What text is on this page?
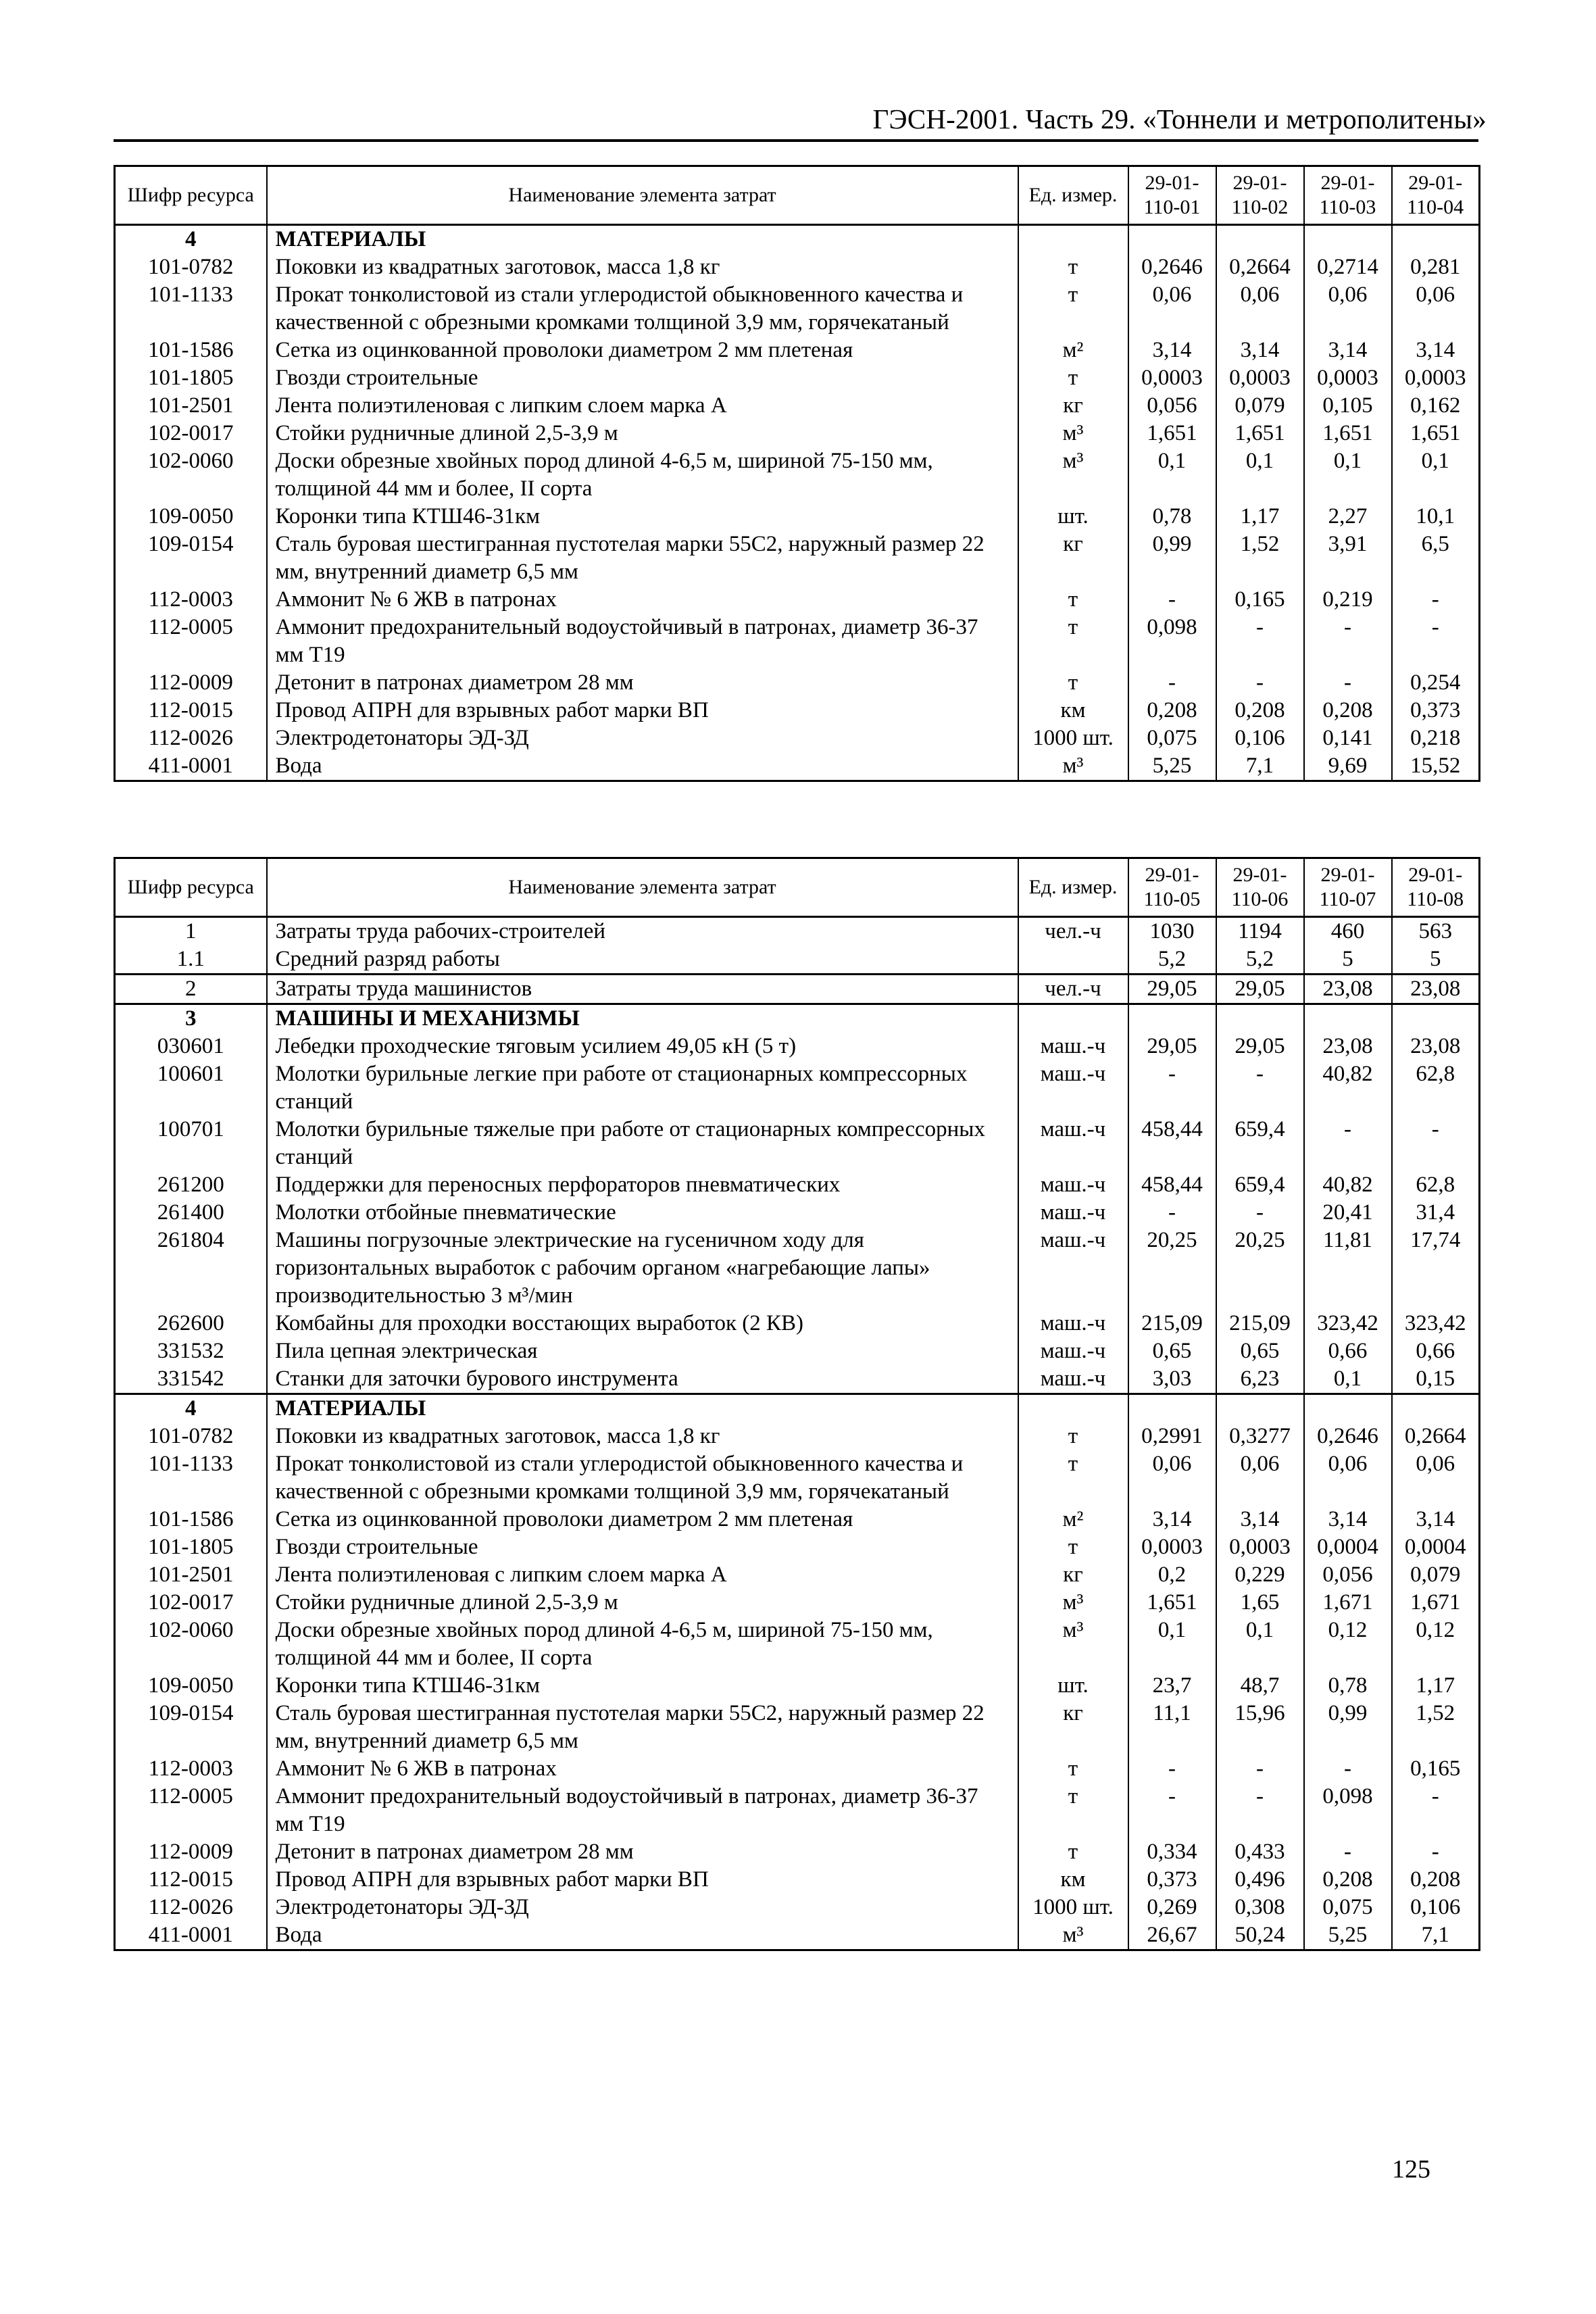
ГЭСН-2001. Часть 29. «Тоннели и метрополитены»
Шифр ресурса	Наименование элемента затрат	Ед. измер.	29-01-110-01	29-01-110-02	29-01-110-03	29-01-110-04
4	МАТЕРИАЛЫ					
101-0782	Поковки из квадратных заготовок, масса 1,8 кг	т	0,2646	0,2664	0,2714	0,281
101-1133	Прокат тонколистовой из стали углеродистой обыкновенного качества и качественной с обрезными кромками толщиной 3,9 мм, горячекатаный	т	0,06	0,06	0,06	0,06
101-1586	Сетка из оцинкованной проволоки диаметром 2 мм плетеная	м²	3,14	3,14	3,14	3,14
101-1805	Гвозди строительные	т	0,0003	0,0003	0,0003	0,0003
101-2501	Лента полиэтиленовая с липким слоем марка А	кг	0,056	0,079	0,105	0,162
102-0017	Стойки рудничные длиной 2,5-3,9 м	м³	1,651	1,651	1,651	1,651
102-0060	Доски обрезные хвойных пород длиной 4-6,5 м, шириной 75-150 мм, толщиной 44 мм и более, II сорта	м³	0,1	0,1	0,1	0,1
109-0050	Коронки типа КТШ46-31км	шт.	0,78	1,17	2,27	10,1
109-0154	Сталь буровая шестигранная пустотелая марки 55С2, наружный размер 22 мм, внутренний диаметр 6,5 мм	кг	0,99	1,52	3,91	6,5
112-0003	Аммонит № 6 ЖВ в патронах	т	-	0,165	0,219	-
112-0005	Аммонит предохранительный водоустойчивый в патронах, диаметр 36-37 мм Т19	т	0,098	-	-	-
112-0009	Детонит в патронах диаметром 28 мм	т	-	-	-	0,254
112-0015	Провод АПРН для взрывных работ марки ВП	км	0,208	0,208	0,208	0,373
112-0026	Электродетонаторы ЭД-ЗД	1000 шт.	0,075	0,106	0,141	0,218
411-0001	Вода	м³	5,25	7,1	9,69	15,52
Шифр ресурса	Наименование элемента затрат	Ед. измер.	29-01-110-05	29-01-110-06	29-01-110-07	29-01-110-08
1	Затраты труда рабочих-строителей	чел.-ч	1030	1194	460	563
1.1	Средний разряд работы		5,2	5,2	5	5
2	Затраты труда машинистов	чел.-ч	29,05	29,05	23,08	23,08
3	МАШИНЫ И МЕХАНИЗМЫ					
030601	Лебедки проходческие тяговым усилием 49,05 кН (5 т)	маш.-ч	29,05	29,05	23,08	23,08
100601	Молотки бурильные легкие при работе от стационарных компрессорных станций	маш.-ч	-	-	40,82	62,8
100701	Молотки бурильные тяжелые при работе от стационарных компрессорных станций	маш.-ч	458,44	659,4	-	-
261200	Поддержки для переносных перфораторов пневматических	маш.-ч	458,44	659,4	40,82	62,8
261400	Молотки отбойные пневматические	маш.-ч	-	-	20,41	31,4
261804	Машины погрузочные электрические на гусеничном ходу для горизонтальных выработок с рабочим органом «нагребающие лапы» производительностью 3 м³/мин	маш.-ч	20,25	20,25	11,81	17,74
262600	Комбайны для проходки восстающих выработок (2 КВ)	маш.-ч	215,09	215,09	323,42	323,42
331532	Пила цепная электрическая	маш.-ч	0,65	0,65	0,66	0,66
331542	Станки для заточки бурового инструмента	маш.-ч	3,03	6,23	0,1	0,15
4	МАТЕРИАЛЫ					
101-0782	Поковки из квадратных заготовок, масса 1,8 кг	т	0,2991	0,3277	0,2646	0,2664
101-1133	Прокат тонколистовой из стали углеродистой обыкновенного качества и качественной с обрезными кромками толщиной 3,9 мм, горячекатаный	т	0,06	0,06	0,06	0,06
101-1586	Сетка из оцинкованной проволоки диаметром 2 мм плетеная	м²	3,14	3,14	3,14	3,14
101-1805	Гвозди строительные	т	0,0003	0,0003	0,0004	0,0004
101-2501	Лента полиэтиленовая с липким слоем марка А	кг	0,2	0,229	0,056	0,079
102-0017	Стойки рудничные длиной 2,5-3,9 м	м³	1,651	1,65	1,671	1,671
102-0060	Доски обрезные хвойных пород длиной 4-6,5 м, шириной 75-150 мм, толщиной 44 мм и более, II сорта	м³	0,1	0,1	0,12	0,12
109-0050	Коронки типа КТШ46-31км	шт.	23,7	48,7	0,78	1,17
109-0154	Сталь буровая шестигранная пустотелая марки 55С2, наружный размер 22 мм, внутренний диаметр 6,5 мм	кг	11,1	15,96	0,99	1,52
112-0003	Аммонит № 6 ЖВ в патронах	т	-	-	-	0,165
112-0005	Аммонит предохранительный водоустойчивый в патронах, диаметр 36-37 мм Т19	т	-	-	0,098	-
112-0009	Детонит в патронах диаметром 28 мм	т	0,334	0,433	-	-
112-0015	Провод АПРН для взрывных работ марки ВП	км	0,373	0,496	0,208	0,208
112-0026	Электродетонаторы ЭД-ЗД	1000 шт.	0,269	0,308	0,075	0,106
411-0001	Вода	м³	26,67	50,24	5,25	7,1
125
